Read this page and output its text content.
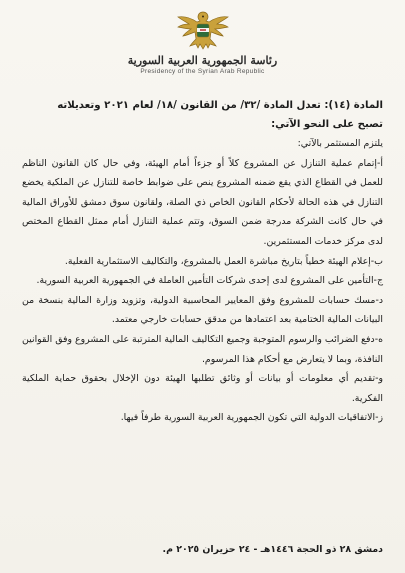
رئاسة الجمهورية العربية السورية
Presidency of the Syrian Arab Republic
المادة (١٤): تعدل المادة /٣٢/ من القانون /١٨/ لعام ٢٠٢١ وتعديلاته
تصبح على النحو الآتي:

يلتزم المستثمر بالآتي:

أ-إتمام عملية التنازل عن المشروع كلاً أو جزءاً أمام الهيئة، وفي حال كان القانون الناظم للعمل في القطاع الذي يقع ضمنه المشروع ينص على ضوابط خاصة للتنازل عن الملكية يخضع التنازل في هذه الحالة لأحكام القانون الخاص ذي الصلة، ولقانون سوق دمشق للأوراق المالية في حال كانت الشركة مدرجة ضمن السوق، وتتم عملية التنازل أمام ممثل القطاع المختص لدى مركز خدمات المستثمرين.

ب-إعلام الهيئة خطياً بتاريخ مباشرة العمل بالمشروع، والتكاليف الاستثمارية الفعلية.

ج-التأمين على المشروع لدى إحدى شركات التأمين العاملة في الجمهورية العربية السورية.

د-مسك حسابات للمشروع وفق المعايير المحاسبية الدولية، وتزويد وزارة المالية بنسخة من البيانات المالية الختامية بعد اعتمادها من مدقق حسابات خارجي معتمد.

ه-دفع الضرائب والرسوم المتوجبة وجميع التكاليف المالية المترتبة على المشروع وفق القوانين النافذة، وبما لا يتعارض مع أحكام هذا المرسوم.

و-تقديم أي معلومات أو بيانات أو وثائق تطلبها الهيئة دون الإخلال بحقوق حماية الملكية الفكرية.

ز-الاتفاقيات الدولية التي تكون الجمهورية العربية السورية طرفاً فيها.

دمشق ٢٨ ذو الحجة ١٤٤٦هـ - ٢٤ حزيران ٢٠٢٥ م.
